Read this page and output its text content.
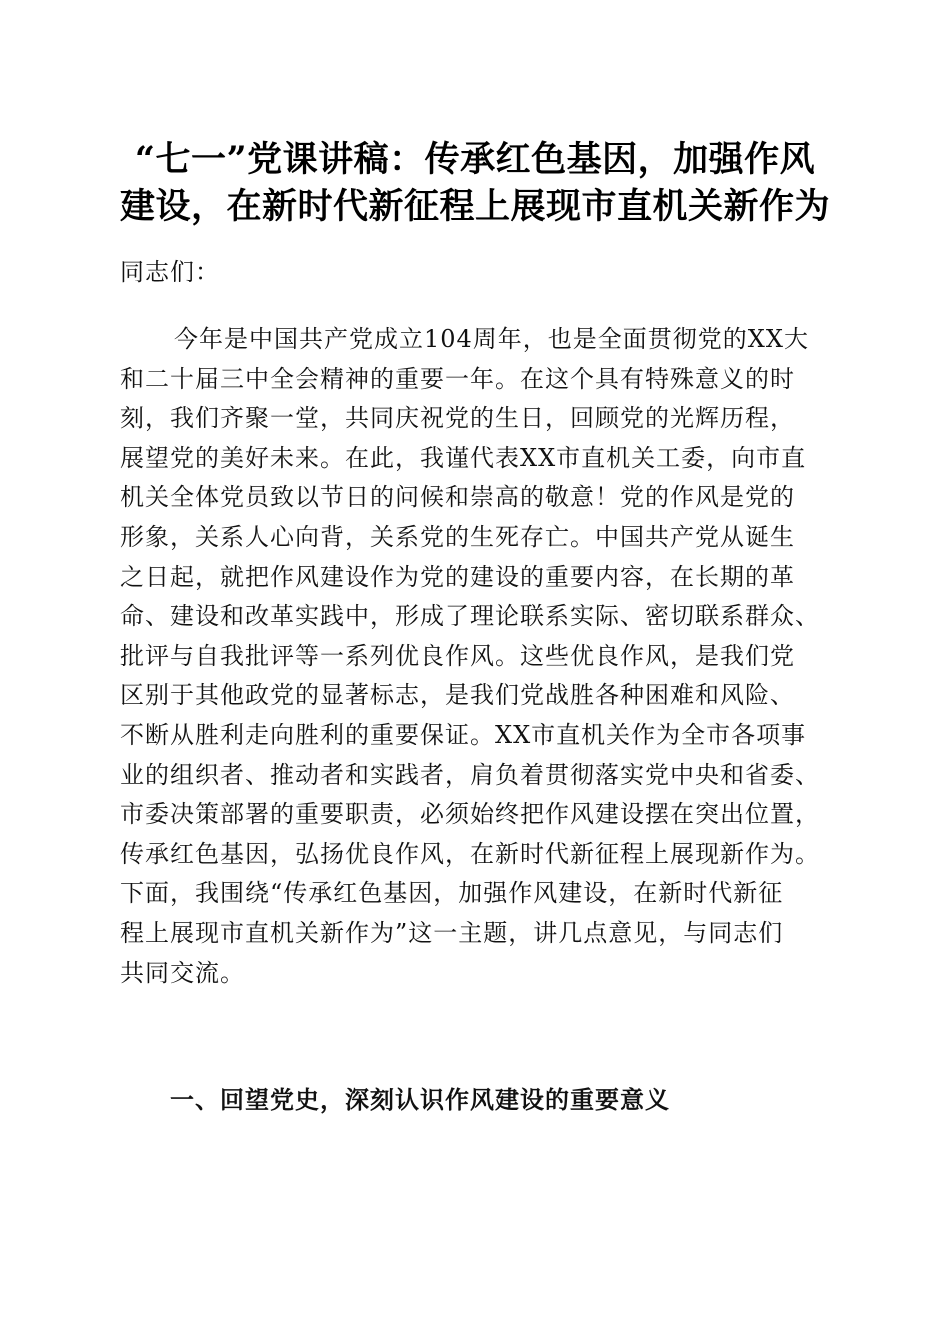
“七一”党课讲稿：传承红色基因，加强作风
建设，在新时代新征程上展现市直机关新作为
同志们：
今年是中国共产党成立104周年，也是全面贯彻党的XX大
和二十届三中全会精神的重要一年。在这个具有特殊意义的时
刻，我们齐聚一堂，共同庆祝党的生日，回顾党的光辉历程，
展望党的美好未来。在此，我谨代表XX市直机关工委，向市直
机关全体党员致以节日的问候和崇高的敬意！党的作风是党的
形象，关系人心向背，关系党的生死存亡。中国共产党从诞生
之日起，就把作风建设作为党的建设的重要内容，在长期的革
命、建设和改革实践中，形成了理论联系实际、密切联系群众、
批评与自我批评等一系列优良作风。这些优良作风，是我们党
区别于其他政党的显著标志，是我们党战胜各种困难和风险、
不断从胜利走向胜利的重要保证。XX市直机关作为全市各项事
业的组织者、推动者和实践者，肩负着贯彻落实党中央和省委、
市委决策部署的重要职责，必须始终把作风建设摆在突出位置，
传承红色基因，弘扬优良作风，在新时代新征程上展现新作为。
下面，我围绕“传承红色基因，加强作风建设，在新时代新征
程上展现市直机关新作为”这一主题，讲几点意见，与同志们
共同交流。
一、回望党史，深刻认识作风建设的重要意义
